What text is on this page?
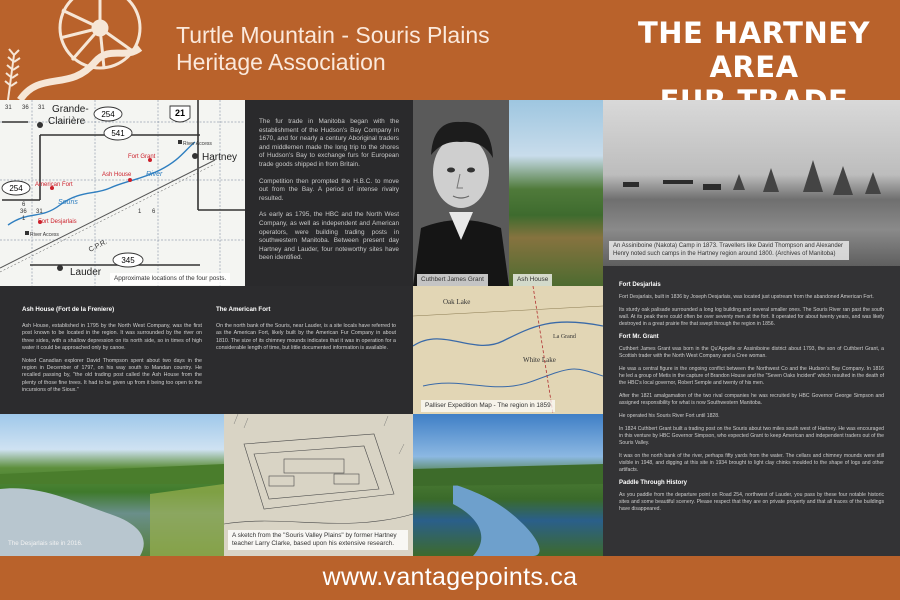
Turtle Mountain - Souris Plains
Heritage Association
THE HARTNEY AREA
254
541
21
254
345
Grande-
Clairière
Hartney
Lauder
Fort Grant
American Fort
Ash House
Fort Desjarlais
River Access
River Access
Souris
River
C.P.R.
31 36 31
6
1
36 31	1 6
Approximate locations of the four posts.

The fur trade in Manitoba began with the establishment of the Hudson's Bay Company in 1670, and for nearly a century Aboriginal traders and middlemen made the long trip to the shores of Hudson's Bay to exchange furs for European trade goods shipped in from Britain.

Competition then prompted the H.B.C. to move out from the Bay. A period of intense rivalry resulted.

As early as 1795, the HBC and the North West Company, as well as independent and American operators, were building trading posts in southwestern Manitoba. Between present day Hartney and Lauder, four noteworthy sites have been identified.

Cuthbert James Grant	Ash House
An Assiniboine (Nakota) Camp in 1873. Travellers like David Thompson and Alexander Henry noted such camps in the Hartney region around 1800. (Archives of Manitoba)
Fort Desjarlais

Fort Desjarlais, built in 1836 by Joseph Desjarlais, was located just upstream from the abandoned American Fort.

Its sturdy oak palisade surrounded a long log building and several smaller ones. The Souris River ran past the south wall. At its peak there could often be over seventy men at the fort. It operated for about twenty years, and was likely destroyed in a great prairie fire that swept through the region in 1856.

Fort Mr. Grant

Cuthbert James Grant was born in the Qu'Appelle or Assiniboine district about 1793, the son of Cuthbert Grant, a Scottish trader with the North West Company and a Cree woman.

He was a central figure in the ongoing conflict between the Northwest Co and the Hudson's Bay Company. In 1816 he led a group of Metis in the capture of Brandon House and the "Seven Oaks Incident" which resulted in the death of the HBC's local governor, Robert Semple and twenty of his men.

After the 1821 amalgamation of the two rival companies he was recruited by HBC Governor George Simpson and assigned responsibility for what is now Southwestern Manitoba.

He operated his Souris River Fort until 1828.

In 1824 Cuthbert Grant built a trading post on the Souris about two miles south west of Hartney. He was encouraged in this venture by HBC Governor Simpson, who expected Grant to keep American and independent traders out of the Souris Valley.

It was on the north bank of the river, perhaps fifty yards from the water. The cellars and chimney mounds were still visible in 1948, and digging at this site in 1934 brought to light clay chinks moulded to the shape of logs and other artifacts.

Paddle Through History

As you paddle from the departure point on Road 254, northwest of Lauder, you pass by these four notable historic sites and some beautiful scenery. Please respect that they are on private property and that all traces of the buildings have disappeared.

Ash House (Fort de la Freniere)

Ash House, established in 1795 by the North West Company, was the first post known to be located in the region. It was surrounded by the river on three sides, with a shallow depression on its north side, so in times of high water it could be approached only by canoe.

Noted Canadian explorer David Thompson spent about two days in the region in December of 1797, on his way south to Mandan country. He recalled passing by, "the old trading post called the Ash House from the plenty of those fine trees. It had to be given up from it being too open to the incursions of the Sioux."

The American Fort

On the north bank of the Souris, near Lauder, is a site locals have referred to as the American Fort, likely built by the American Fur Company in about 1810. The size of its chimney mounds indicates that it was in operation for a considerable length of time, but little documented information is available.

Oak Lake
White Lake
La Grand
Palliser Expedition Map - The region in 1859
The Desjarlais site in 2016.
A sketch from the "Souris Valley Plains" by former Hartney teacher Larry Clarke, based upon his extensive research.
www.vantagepoints.ca
